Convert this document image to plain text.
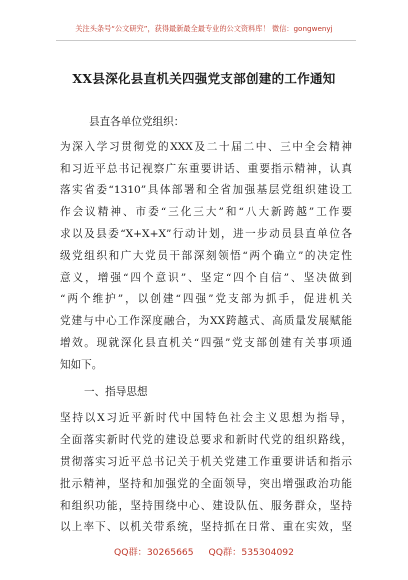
关注头条号“公文研究”，获得最新最全最专业的公文资料库！ 微信：gongwenyj
XX县深化县直机关四强党支部创建的工作通知
县直各单位党组织：
为深入学习贯彻党的XXX及二十届二中、三中全会精神
和习近平总书记视察广东重要讲话、重要指示精神，认真
落实省委“1310”具体部署和全省加强基层党组织建设工
作会议精神、市委“三化三大”和“八大新跨越”工作要
求以及县委“X+X+X”行动计划，进一步动员县直单位各
级党组织和广大党员干部深刻领悟“两个确立”的决定性
意义，增强“四个意识”、坚定“四个自信”、坚决做到
“两个维护”，以创建“四强”党支部为抓手，促进机关
党建与中心工作深度融合，为XX跨越式、高质量发展赋能
增效。现就深化县直机关“四强”党支部创建有关事项通
知如下。
一、指导思想
坚持以X习近平新时代中国特色社会主义思想为指导，
全面落实新时代党的建设总要求和新时代党的组织路线，
贯彻落实习近平总书记关于机关党建工作重要讲话和指示
批示精神，坚持和加强党的全面领导，突出增强政治功能
和组织功能，坚持围绕中心、建设队伍、服务群众，坚持
以上率下、以机关带系统，坚持抓在日常、重在实效，坚
QQ群：30265665 QQ群：535304092
